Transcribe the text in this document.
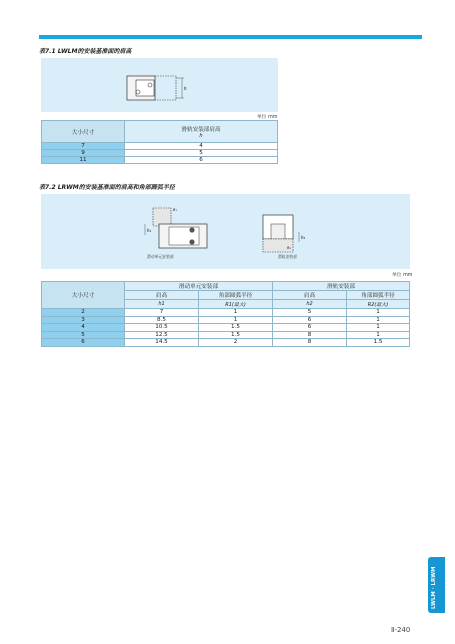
表7.1 LWLM的安装基准面的肩高
h
单位 mm
大小尺寸	滑轨安装部肩高
h

7	4
9	5
11	6
表7.2 LRWM的安装基准面的肩高和角部圆弧半径
h₁
R₁
h₂
R₂
滑动单元安装部	滑轨安装部
单位 mm
大小尺寸	滑动单元安装部		滑轨安装部	
	肩高	角部圆弧半径	肩高	角部圆弧半径
	h1	R1(最大)	h2	R2(最大)
2	7	1	5	1
3	8.5	1	6	1
4	10.5	1.5	6	1
5	12.5	1.5	8	1
6	14.5	2	8	1.5
LWLM · LRWM
Ⅱ-240
